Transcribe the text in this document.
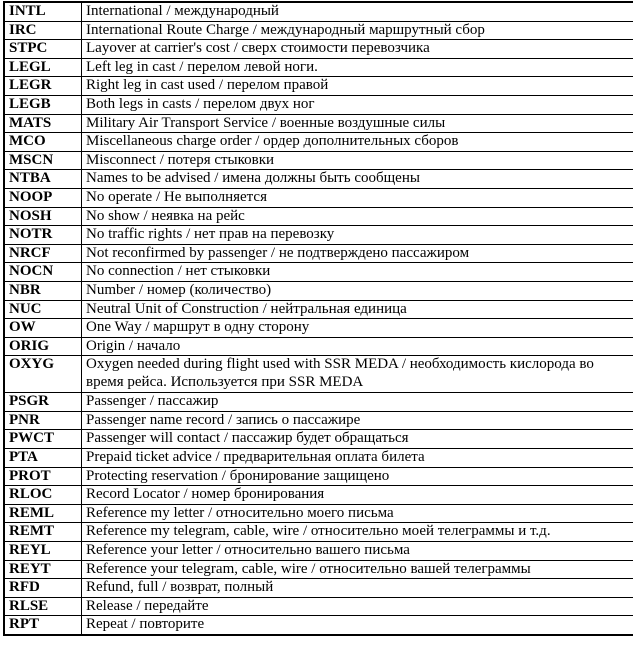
INTL	International / международный
IRC	International Route Charge / международный маршрутный сбор
STPC	Layover at carrier's cost / сверх стоимости перевозчика
LEGL	Left leg in cast / перелом левой ноги.
LEGR	Right leg in cast used / перелом правой
LEGB	Both legs in casts / перелом двух ног
MATS	Military Air Transport Service / военные воздушные силы
MCO	Miscellaneous charge order / ордер дополнительных сборов
MSCN	Misconnect / потеря стыковки
NTBA	Names to be advised / имена должны быть сообщены
NOOP	No operate / Не выполняется
NOSH	No show / неявка на рейс
NOTR	No traffic rights / нет прав на перевозку
NRCF	Not reconfirmed by passenger / не подтверждено пассажиром
NOCN	No connection / нет стыковки
NBR	Number / номер (количество)
NUC	Neutral Unit of Construction / нейтральная единица
OW	One Way / маршрут в одну сторону
ORIG	Origin / начало
OXYG	Oxygen needed during flight used with SSR MEDA / необходимость кислорода во время рейса. Используется при SSR MEDA
PSGR	Passenger / пассажир
PNR	Passenger name record / запись о пассажире
PWCT	Passenger will contact / пассажир будет обращаться
PTA	Prepaid ticket advice / предварительная оплата билета
PROT	Protecting reservation / бронирование защищено
RLOC	Record Locator / номер бронирования
REML	Reference my letter / относительно моего письма
REMT	Reference my telegram, cable, wire / относительно моей телеграммы и т.д.
REYL	Reference your letter / относительно вашего письма
REYT	Reference your telegram, cable, wire / относительно вашей телеграммы
RFD	Refund, full / возврат, полный
RLSE	Release / передайте
RPT	Repeat / повторите
